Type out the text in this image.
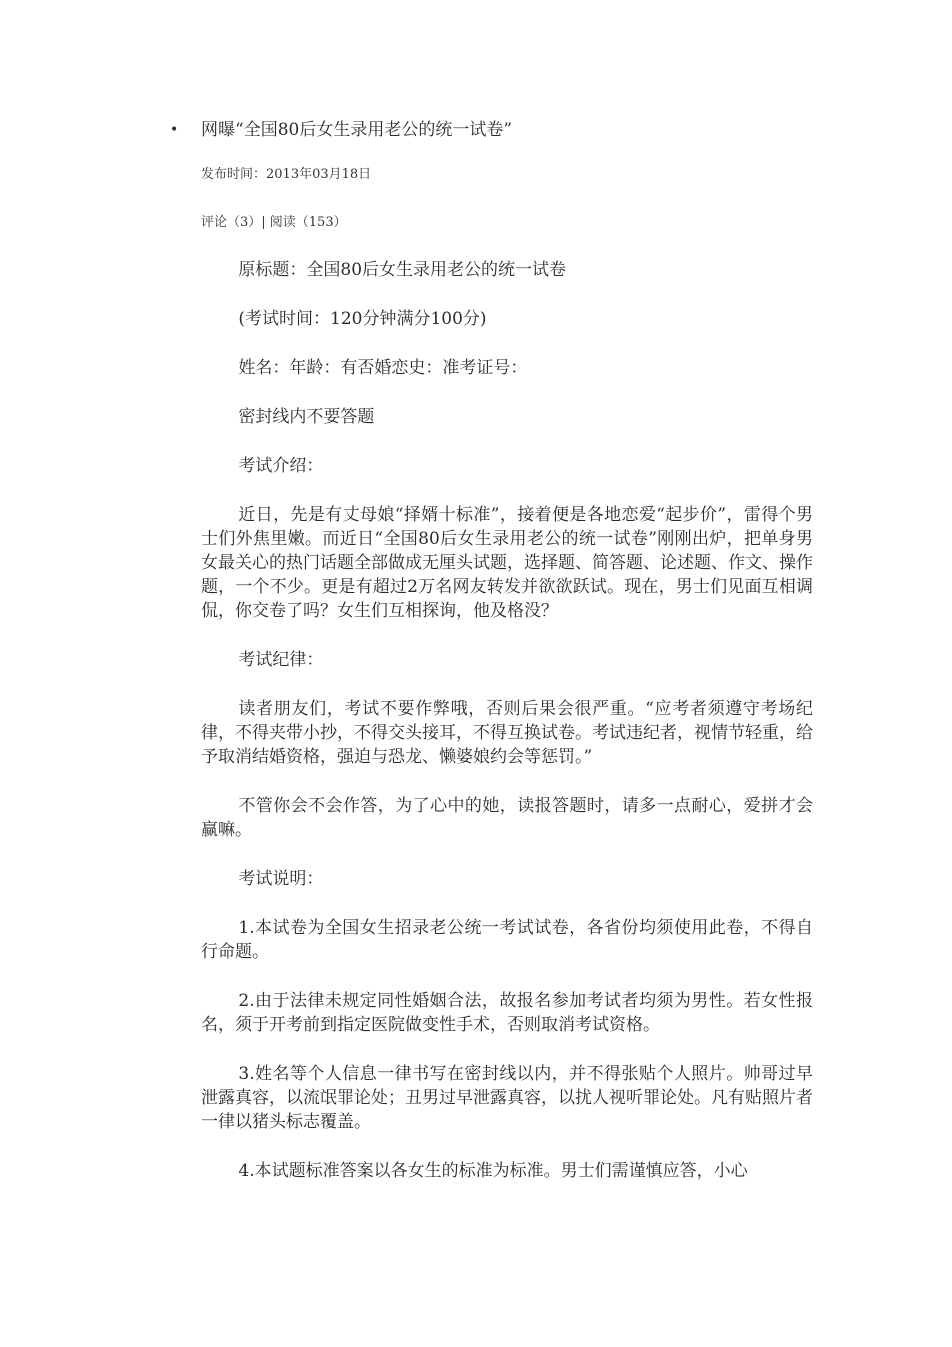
•	网曝“全国80后女生录用老公的统一试卷”
发布时间：2013年03月18日
评论（3）| 阅读（153）

原标题：全国80后女生录用老公的统一试卷

(考试时间：120分钟满分100分)

姓名：年龄：有否婚恋史：准考证号：

密封线内不要答题

考试介绍：

近日，先是有丈母娘“择婿十标准”，接着便是各地恋爱“起步价”，雷得个男士们外焦里嫩。而近日“全国80后女生录用老公的统一试卷”刚刚出炉，把单身男女最关心的热门话题全部做成无厘头试题，选择题、简答题、论述题、作文、操作题，一个不少。更是有超过2万名网友转发并欲欲跃试。现在，男士们见面互相调侃，你交卷了吗？女生们互相探询，他及格没？

考试纪律：

读者朋友们，考试不要作弊哦，否则后果会很严重。“应考者须遵守考场纪律，不得夹带小抄，不得交头接耳，不得互换试卷。考试违纪者，视情节轻重，给予取消结婚资格，强迫与恐龙、懒婆娘约会等惩罚。”

不管你会不会作答，为了心中的她，读报答题时，请多一点耐心，爱拼才会赢嘛。

考试说明：

1.本试卷为全国女生招录老公统一考试试卷，各省份均须使用此卷，不得自行命题。

2.由于法律未规定同性婚姻合法，故报名参加考试者均须为男性。若女性报名，须于开考前到指定医院做变性手术，否则取消考试资格。

3.姓名等个人信息一律书写在密封线以内，并不得张贴个人照片。帅哥过早泄露真容，以流氓罪论处；丑男过早泄露真容，以扰人视听罪论处。凡有贴照片者一律以猪头标志覆盖。

4.本试题标准答案以各女生的标准为标准。男士们需谨慎应答，小心
